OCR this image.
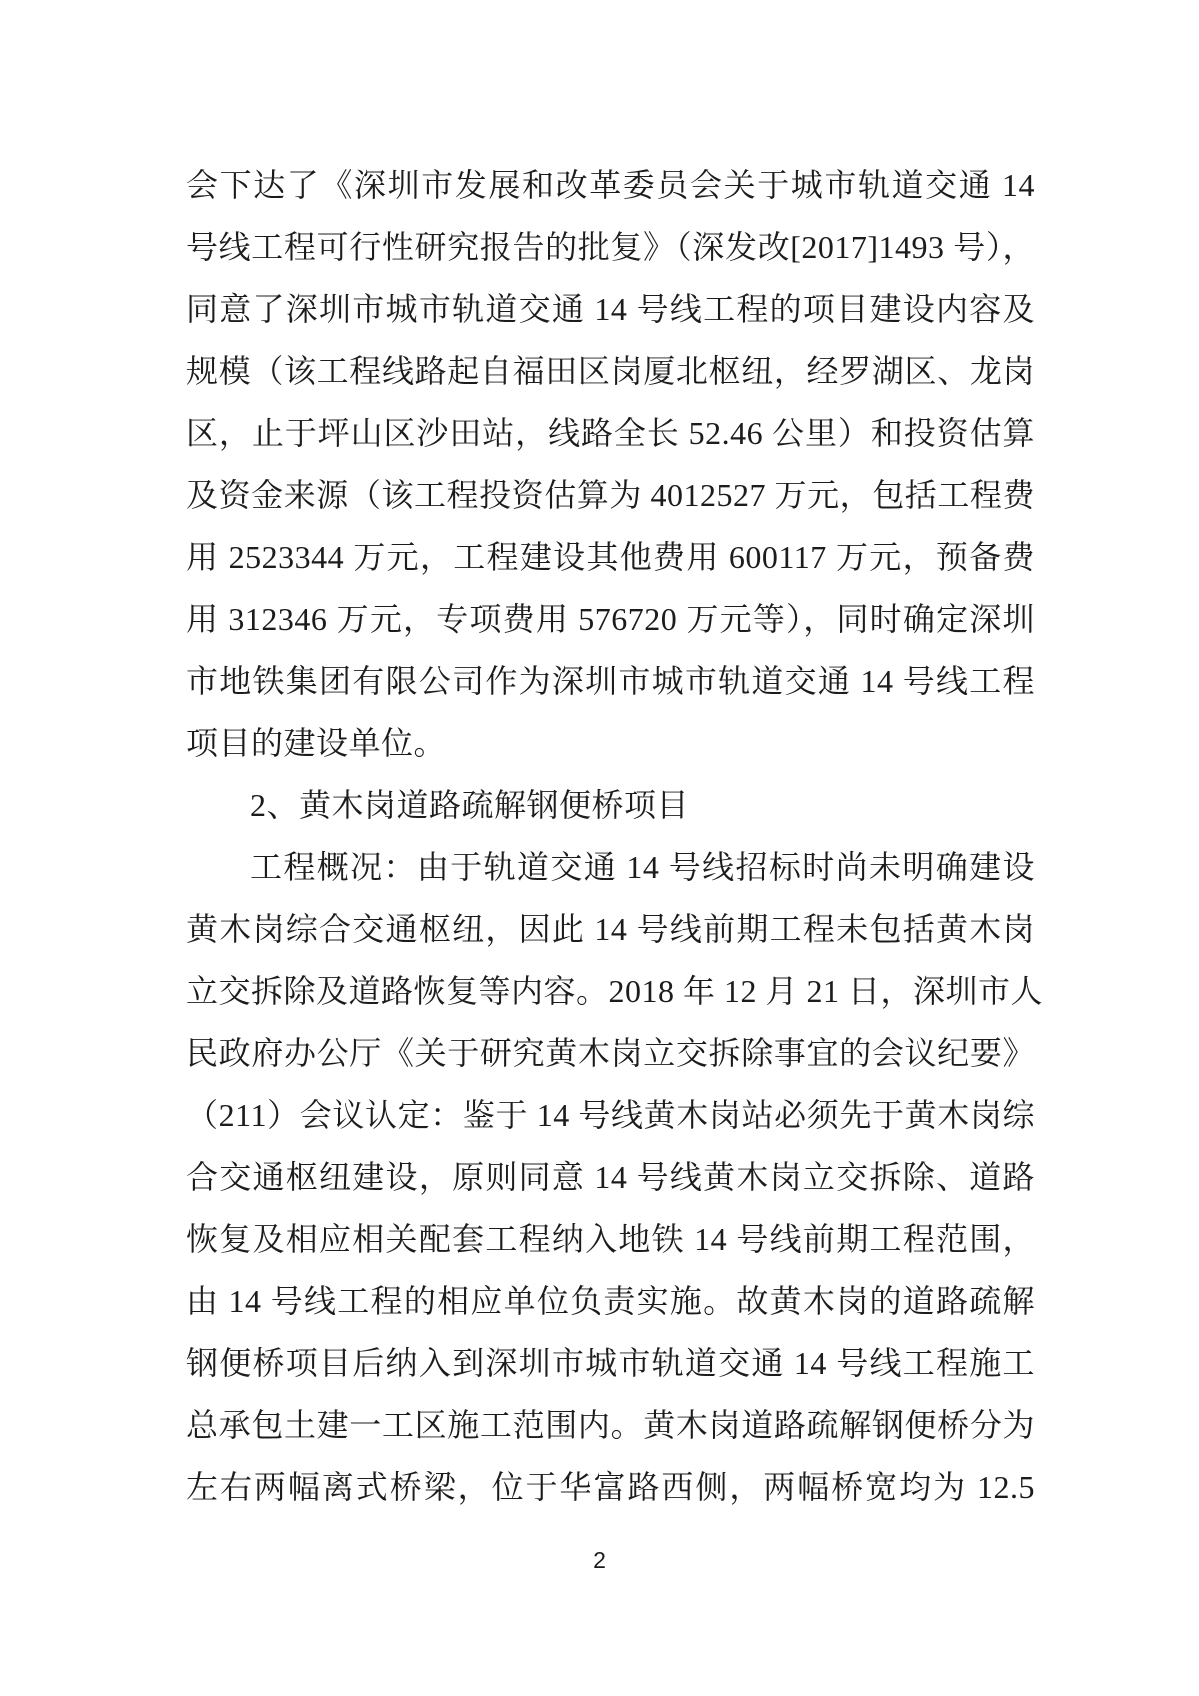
会下达了《深圳市发展和改革委员会关于城市轨道交通 14
号线工程可行性研究报告的批复》（深发改[2017]1493 号），
同意了深圳市城市轨道交通 14 号线工程的项目建设内容及
规模（该工程线路起自福田区岗厦北枢纽，经罗湖区、龙岗
区，止于坪山区沙田站，线路全长 52.46 公里）和投资估算
及资金来源（该工程投资估算为 4012527 万元，包括工程费
用 2523344 万元，工程建设其他费用 600117 万元，预备费
用 312346 万元，专项费用 576720 万元等），同时确定深圳
市地铁集团有限公司作为深圳市城市轨道交通 14 号线工程
项目的建设单位。
2、黄木岗道路疏解钢便桥项目
工程概况：由于轨道交通 14 号线招标时尚未明确建设
黄木岗综合交通枢纽，因此 14 号线前期工程未包括黄木岗
立交拆除及道路恢复等内容。2018 年 12 月 21 日，深圳市人
民政府办公厅《关于研究黄木岗立交拆除事宜的会议纪要》
（211）会议认定：鉴于 14 号线黄木岗站必须先于黄木岗综
合交通枢纽建设，原则同意 14 号线黄木岗立交拆除、道路
恢复及相应相关配套工程纳入地铁 14 号线前期工程范围，
由 14 号线工程的相应单位负责实施。故黄木岗的道路疏解
钢便桥项目后纳入到深圳市城市轨道交通 14 号线工程施工
总承包土建一工区施工范围内。黄木岗道路疏解钢便桥分为
左右两幅离式桥梁，位于华富路西侧，两幅桥宽均为 12.5
2
